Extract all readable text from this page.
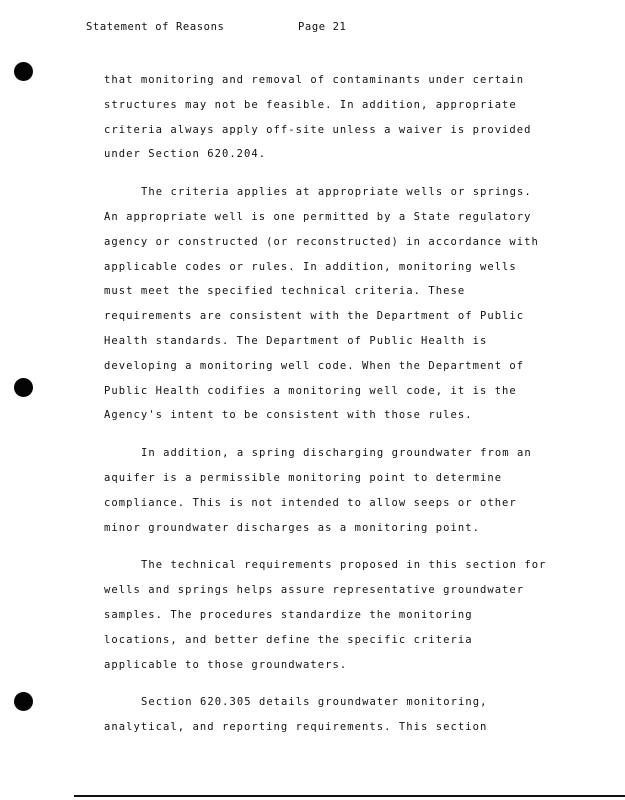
Statement of Reasons

	Page 21

that monitoring and removal of contaminants under certain
structures may not be feasible. In addition, appropriate
criteria always apply off-site unless a waiver is provided
under Section 620.204.

The criteria applies at appropriate wells or springs.
An appropriate well is one permitted by a State regulatory
agency or constructed (or reconstructed) in accordance with
applicable codes or rules. In addition, monitoring wells
must meet the specified technical criteria. These
requirements are consistent with the Department of Public
Health standards. The Department of Public Health is
developing a monitoring well code. When the Department of
Public Health codifies a monitoring well code, it is the
Agency's intent to be consistent with those rules.

In addition, a spring discharging groundwater from an
aquifer is a permissible monitoring point to determine
compliance. This is not intended to allow seeps or other
minor groundwater discharges as a monitoring point.

The technical requirements proposed in this section for
wells and springs helps assure representative groundwater
samples. The procedures standardize the monitoring
locations, and better define the specific criteria
applicable to those groundwaters.

Section 620.305 details groundwater monitoring,
analytical, and reporting requirements. This section
